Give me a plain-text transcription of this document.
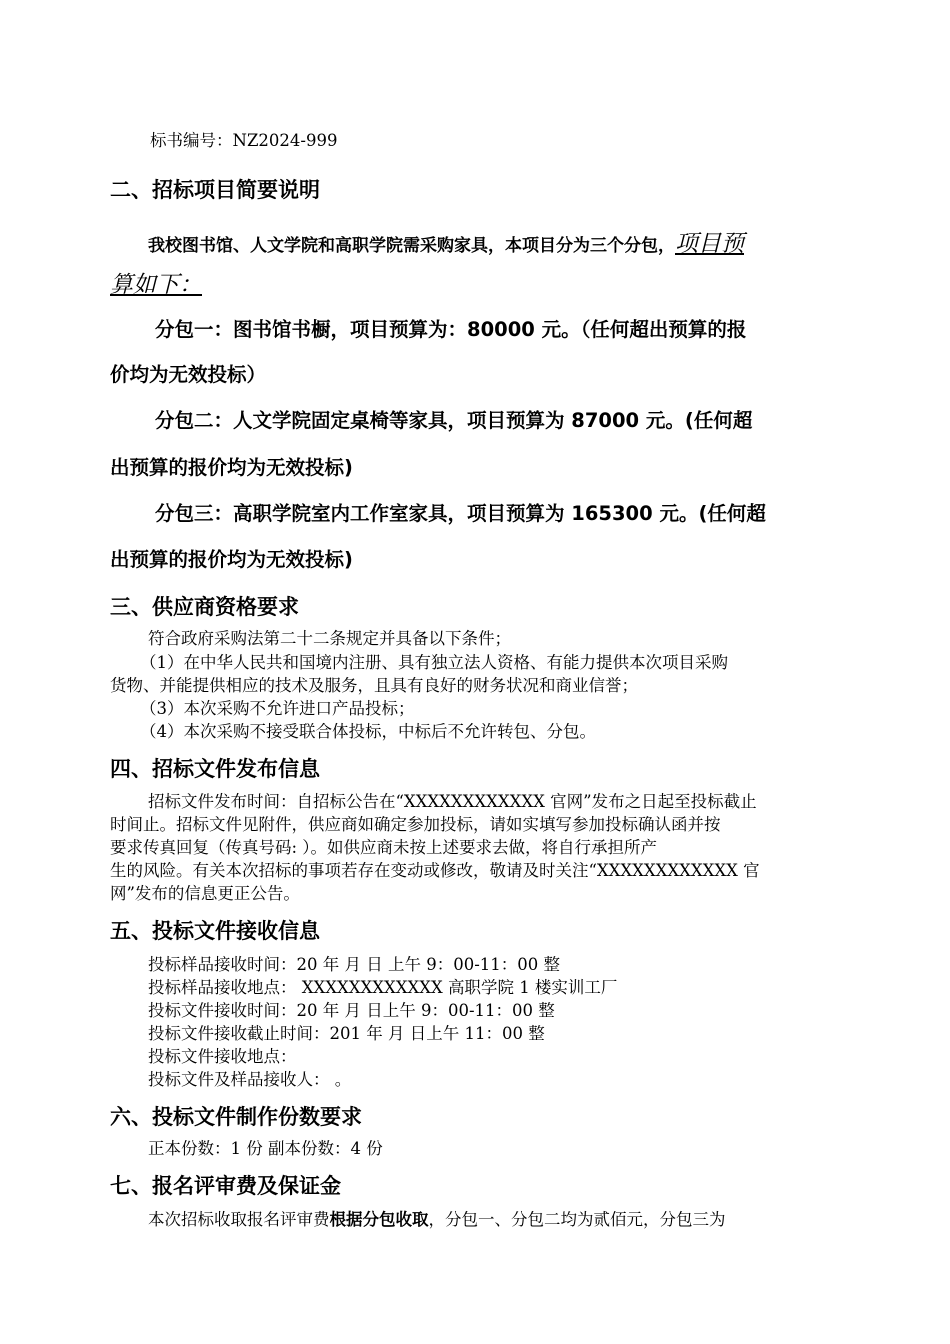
标书编号：NZ2024-999
二、招标项目简要说明
我校图书馆、人文学院和高职学院需采购家具，本项目分为三个分包，项目预
算如下：
分包一：图书馆书橱，项目预算为：80000 元。（任何超出预算的报
价均为无效投标）
分包二：人文学院固定桌椅等家具，项目预算为 87000 元。(任何超
出预算的报价均为无效投标)
分包三：高职学院室内工作室家具，项目预算为 165300 元。(任何超
出预算的报价均为无效投标)
三、供应商资格要求
符合政府采购法第二十二条规定并具备以下条件；
（1）在中华人民共和国境内注册、具有独立法人资格、有能力提供本次项目采购
货物、并能提供相应的技术及服务，且具有良好的财务状况和商业信誉；
（3）本次采购不允许进口产品投标；
（4）本次采购不接受联合体投标，中标后不允许转包、分包。
四、招标文件发布信息
招标文件发布时间：自招标公告在“XXXXXXXXXXXX 官网”发布之日起至投标截止
时间止。招标文件见附件，供应商如确定参加投标，请如实填写参加投标确认函并按
要求传真回复（传真号码: ）。如供应商未按上述要求去做，将自行承担所产
生的风险。有关本次招标的事项若存在变动或修改，敬请及时关注“XXXXXXXXXXXX 官
网”发布的信息更正公告。
五、投标文件接收信息
投标样品接收时间：20 年 月 日 上午 9：00-11：00 整
投标样品接收地点： XXXXXXXXXXXX 高职学院 1 楼实训工厂
投标文件接收时间：20 年 月 日上午 9：00-11：00 整
投标文件接收截止时间：201 年 月 日上午 11：00 整
投标文件接收地点：
投标文件及样品接收人： 。
六、投标文件制作份数要求
正本份数：1 份 副本份数：4 份
七、报名评审费及保证金
本次招标收取报名评审费根据分包收取，分包一、分包二均为贰佰元，分包三为
